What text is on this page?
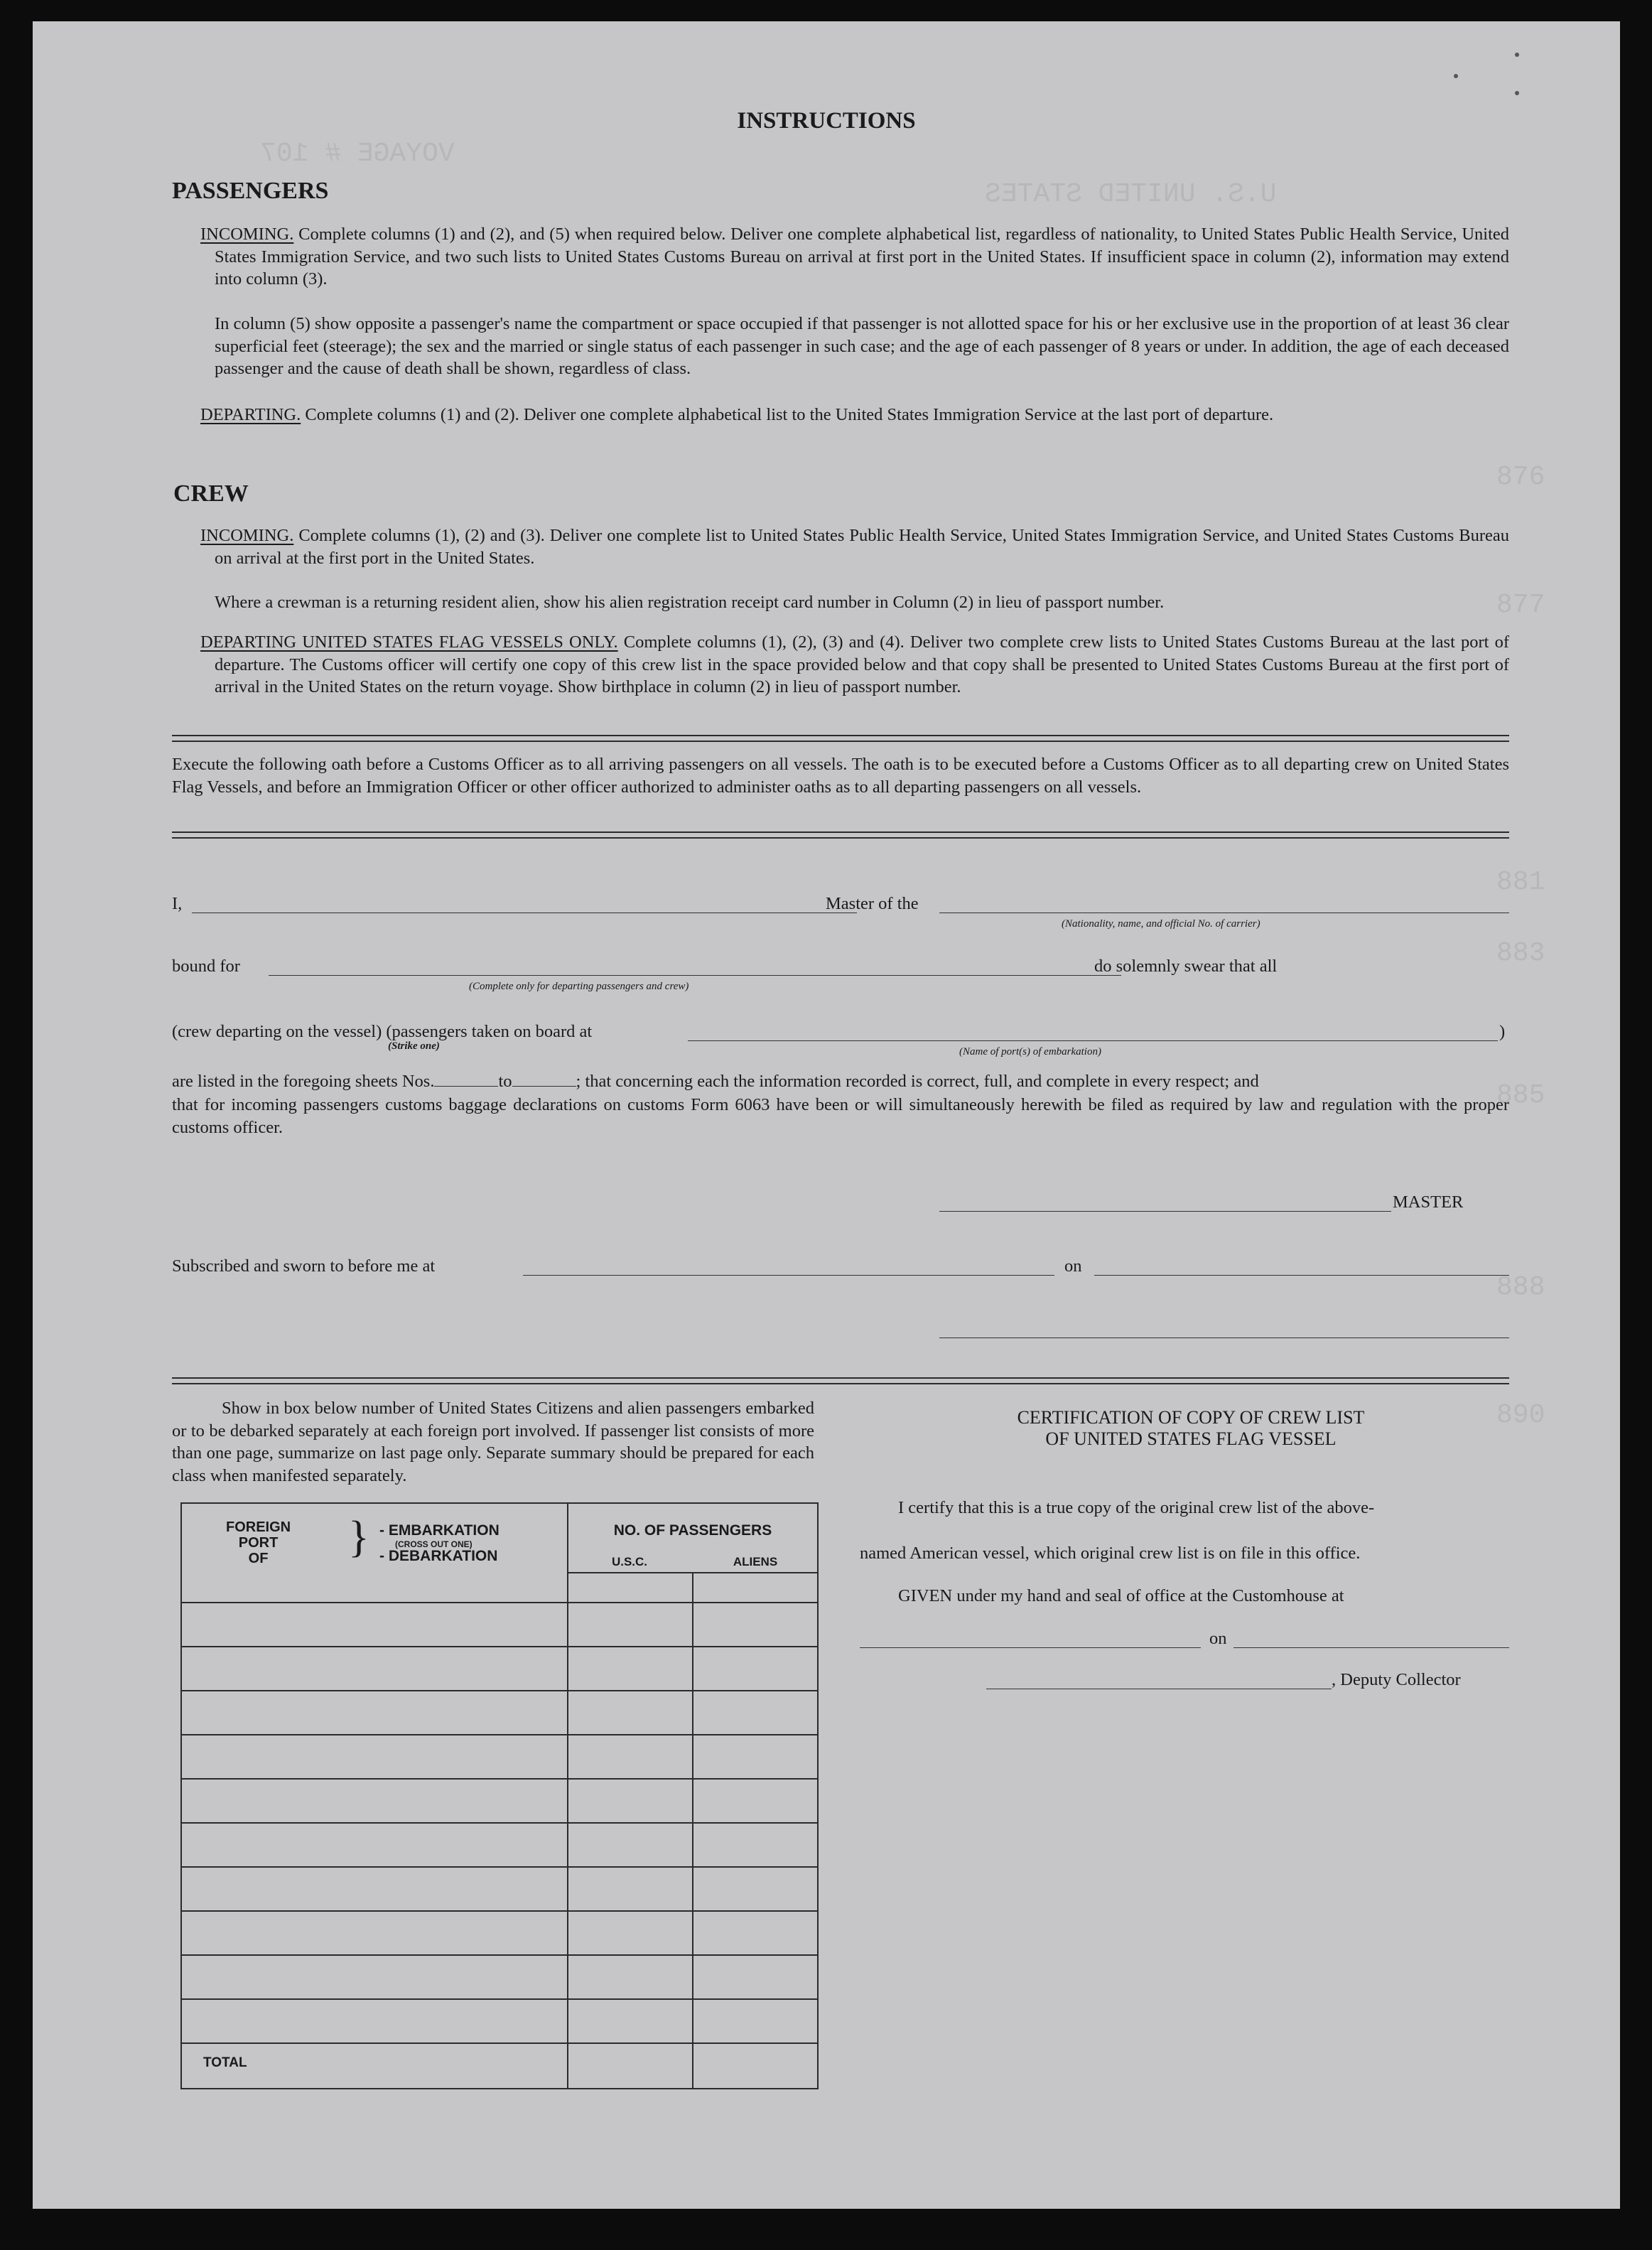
U.S. UNITED STATES
VOYAGE # 107
876
877
881
883
885
888
890
INSTRUCTIONS
PASSENGERS
INCOMING. Complete columns (1) and (2), and (5) when required below. Deliver one complete alphabetical list, regardless of nationality, to United States Public Health Service, United States Immigration Service, and two such lists to United States Customs Bureau on arrival at first port in the United States. If insufficient space in column (2), information may extend into column (3).
In column (5) show opposite a passenger's name the compartment or space occupied if that passenger is not allotted space for his or her exclusive use in the proportion of at least 36 clear superficial feet (steerage); the sex and the married or single status of each passenger in such case; and the age of each passenger of 8 years or under. In addition, the age of each deceased passenger and the cause of death shall be shown, regardless of class.
DEPARTING. Complete columns (1) and (2). Deliver one complete alphabetical list to the United States Immigration Service at the last port of departure.
CREW
INCOMING. Complete columns (1), (2) and (3). Deliver one complete list to United States Public Health Service, United States Immigration Service, and United States Customs Bureau on arrival at the first port in the United States.
Where a crewman is a returning resident alien, show his alien registration receipt card number in Column (2) in lieu of passport number.
DEPARTING UNITED STATES FLAG VESSELS ONLY. Complete columns (1), (2), (3) and (4). Deliver two complete crew lists to United States Customs Bureau at the last port of departure. The Customs officer will certify one copy of this crew list in the space provided below and that copy shall be presented to United States Customs Bureau at the first port of arrival in the United States on the return voyage. Show birthplace in column (2) in lieu of passport number.
Execute the following oath before a Customs Officer as to all arriving passengers on all vessels. The oath is to be executed before a Customs Officer as to all departing crew on United States Flag Vessels, and before an Immigration Officer or other officer authorized to administer oaths as to all departing passengers on all vessels.
I,	Master of the
(Nationality, name, and official No. of carrier)
bound for
(Complete only for departing passengers and crew)
do solemnly swear that all
(crew departing on the vessel) (passengers taken on board at
(Strike one)	(Name of port(s) of embarkation)
)
are listed in the foregoing sheets Nos.	to	; that concerning each the information recorded is correct, full, and complete in every respect; and
that for incoming passengers customs baggage declarations on customs Form 6063 have been or will simultaneously herewith be filed as required by law and regulation with the proper customs officer.
MASTER
Subscribed and sworn to before me at	on
Show in box below number of United States Citizens and alien passengers embarked or to be debarked separately at each foreign port involved. If passenger list consists of more than one page, summarize on last page only. Separate summary should be prepared for each class when manifested separately.
FOREIGN
PORT
OF	} - EMBARKATION
(CROSS OUT ONE)
- DEBARKATION
NO. OF PASSENGERS
U.S.C.	ALIENS
TOTAL
CERTIFICATION OF COPY OF CREW LIST
OF UNITED STATES FLAG VESSEL
I certify that this is a true copy of the original crew list of the above-
named American vessel, which original crew list is on file in this office.
GIVEN under my hand and seal of office at the Customhouse at
on
, Deputy Collector
